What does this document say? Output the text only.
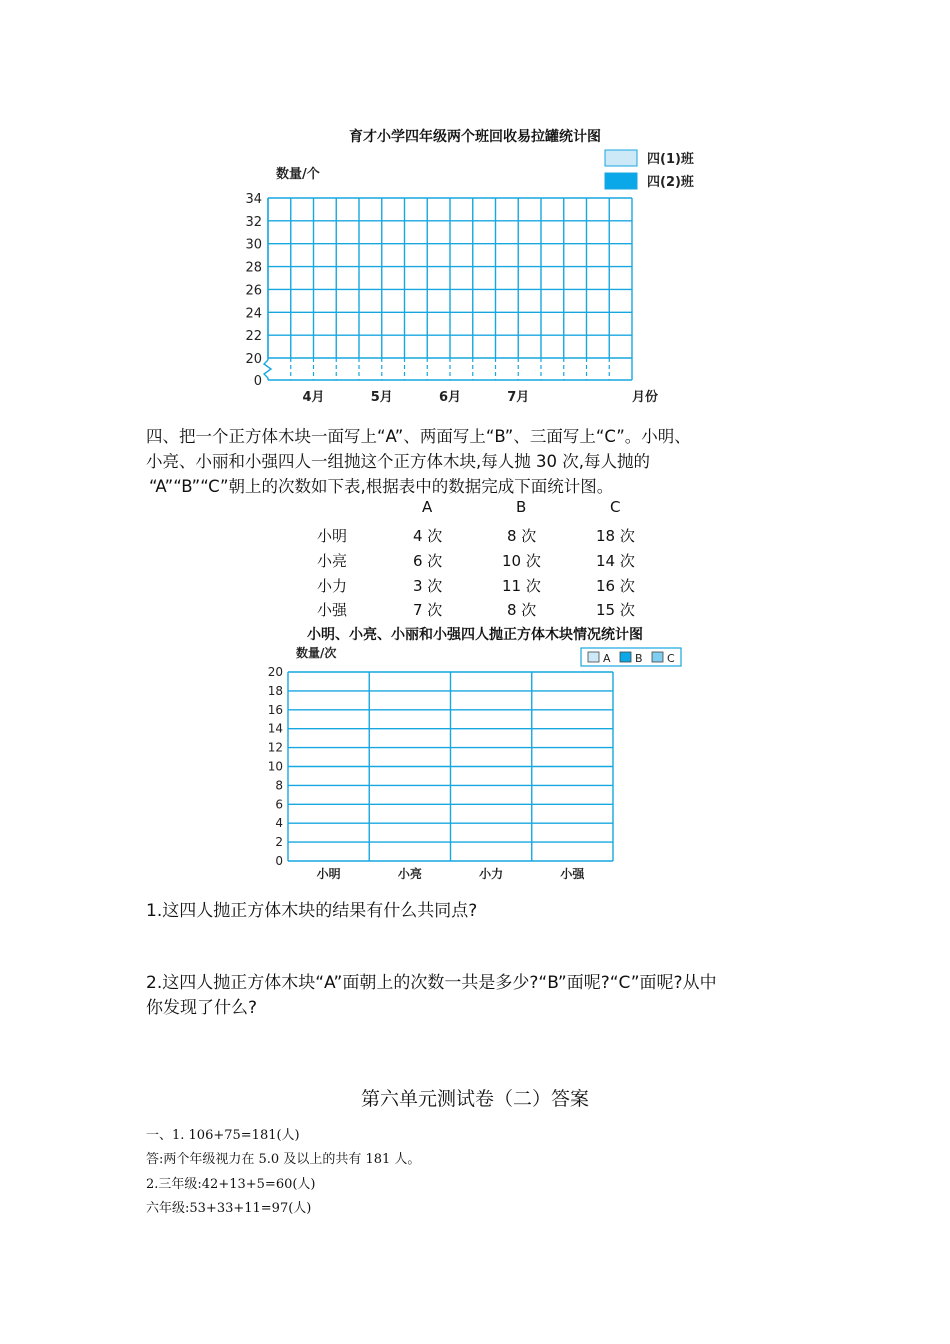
育才小学四年级两个班回收易拉罐统计图
34
32
30
28
26
24
22
20
0
数量/个
4月	5月	6月	7月	月份
四(1)班
四(2)班
四、把一个正方体木块一面写上“A”、两面写上“B”、三面写上“C”。小明、
小亮、小丽和小强四人一组抛这个正方体木块,每人抛 30 次,每人抛的
“A”“B”“C”朝上的次数如下表,根据表中的数据完成下面统计图。
A	B	C
小明	4 次	8 次	18 次
小亮	6 次	10 次	14 次
小力	3 次	11 次	16 次
小强	7 次	8 次	15 次
小明、小亮、小丽和小强四人抛正方体木块情况统计图
20
18
16
14
12
10
8
6
4
2
0
数量/次
小明	小亮	小力	小强
A B C
1.这四人抛正方体木块的结果有什么共同点?
2.这四人抛正方体木块“A”面朝上的次数一共是多少?“B”面呢?“C”面呢?从中
你发现了什么?
第六单元测试卷（二）答案
一、1. 106+75=181(人)
答:两个年级视力在 5.0 及以上的共有 181 人。
2.三年级:42+13+5=60(人)
六年级:53+33+11=97(人)
